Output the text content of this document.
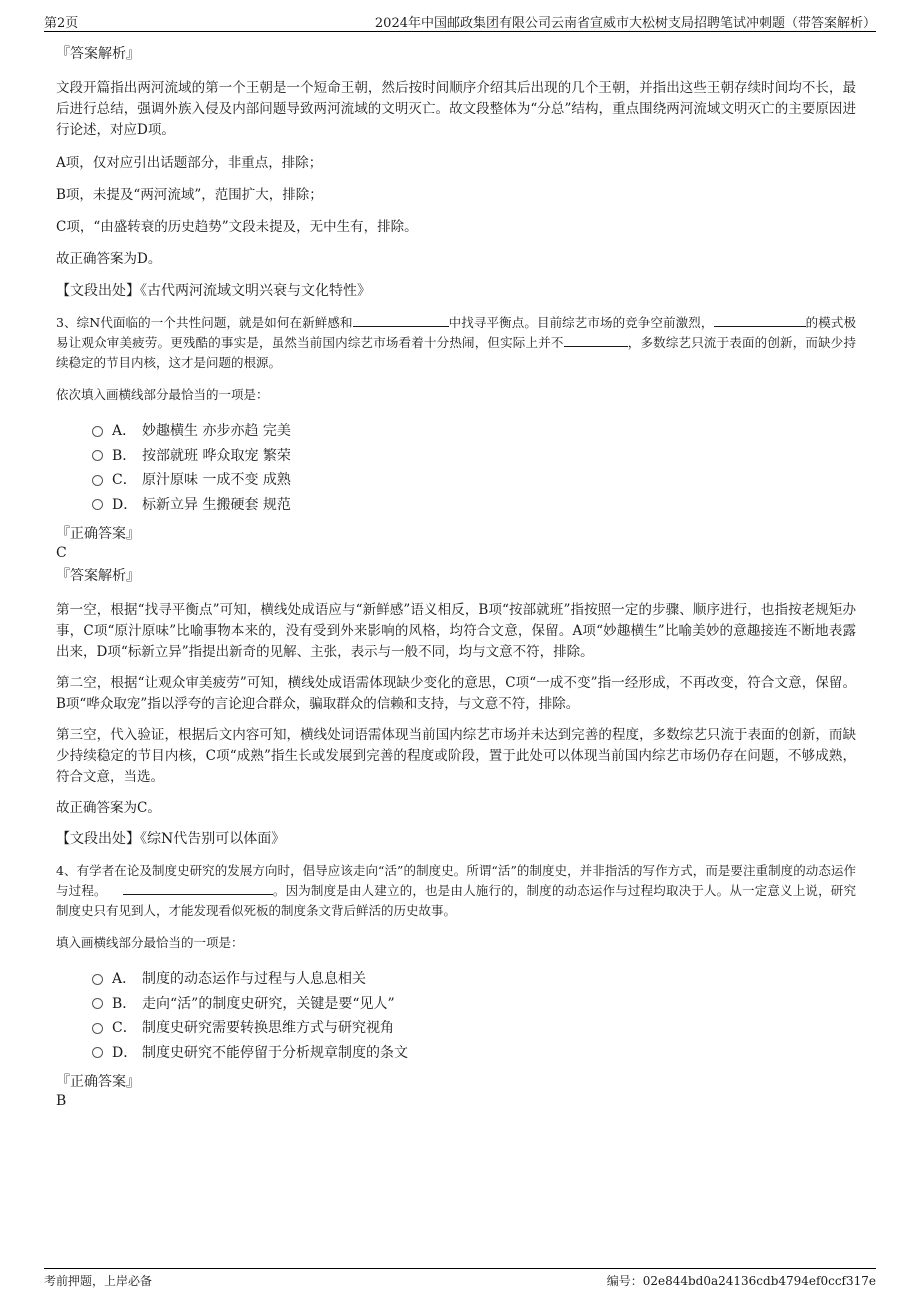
第2页	2024年中国邮政集团有限公司云南省宣威市大松树支局招聘笔试冲刺题（带答案解析）
『答案解析』

文段开篇指出两河流域的第一个王朝是一个短命王朝，然后按时间顺序介绍其后出现的几个王朝，并指出这些王朝存续时间均不长，最后进行总结，强调外族入侵及内部问题导致两河流域的文明灭亡。故文段整体为“分总”结构，重点围绕两河流域文明灭亡的主要原因进行论述，对应D项。

A项，仅对应引出话题部分，非重点，排除；

B项，未提及“两河流域”，范围扩大，排除；

C项，“由盛转衰的历史趋势”文段未提及，无中生有，排除。

故正确答案为D。

【文段出处】《古代两河流域文明兴衰与文化特性》

3、综N代面临的一个共性问题，就是如何在新鲜感和	中找寻平衡点。目前综艺市场的竞争空前激烈，	的模式极易让观众审美疲劳。更残酷的事实是，虽然当前国内综艺市场看着十分热闹，但实际上并不	，多数综艺只流于表面的创新，而缺少持续稳定的节目内核，这才是问题的根源。

依次填入画横线部分最恰当的一项是：

A． 妙趣横生 亦步亦趋 完美
B． 按部就班 哗众取宠 繁荣
C． 原汁原味 一成不变 成熟
D． 标新立异 生搬硬套 规范
『正确答案』
C
『答案解析』

第一空，根据“找寻平衡点”可知，横线处成语应与“新鲜感”语义相反，B项“按部就班”指按照一定的步骤、顺序进行，也指按老规矩办事，C项“原汁原味”比喻事物本来的，没有受到外来影响的风格，均符合文意，保留。A项“妙趣横生”比喻美妙的意趣接连不断地表露出来，D项“标新立异”指提出新奇的见解、主张，表示与一般不同，均与文意不符，排除。

第二空，根据“让观众审美疲劳”可知，横线处成语需体现缺少变化的意思，C项“一成不变”指一经形成，不再改变，符合文意，保留。B项“哗众取宠”指以浮夸的言论迎合群众，骗取群众的信赖和支持，与文意不符，排除。

第三空，代入验证，根据后文内容可知，横线处词语需体现当前国内综艺市场并未达到完善的程度，多数综艺只流于表面的创新，而缺少持续稳定的节目内核，C项“成熟”指生长或发展到完善的程度或阶段，置于此处可以体现当前国内综艺市场仍存在问题，不够成熟，符合文意，当选。

故正确答案为C。

【文段出处】《综N代告别可以体面》

4、有学者在论及制度史研究的发展方向时，倡导应该走向“活”的制度史。所谓“活”的制度史，并非指活的写作方式，而是要注重制度的动态运作与过程。	。因为制度是由人建立的，也是由人施行的，制度的动态运作与过程均取决于人。从一定意义上说，研究制度史只有见到人，才能发现看似死板的制度条文背后鲜活的历史故事。

填入画横线部分最恰当的一项是：

A． 制度的动态运作与过程与人息息相关
B． 走向“活”的制度史研究，关键是要“见人”
C． 制度史研究需要转换思维方式与研究视角
D． 制度史研究不能停留于分析规章制度的条文
『正确答案』
B
考前押题，上岸必备	编号：02e844bd0a24136cdb4794ef0ccf317e
